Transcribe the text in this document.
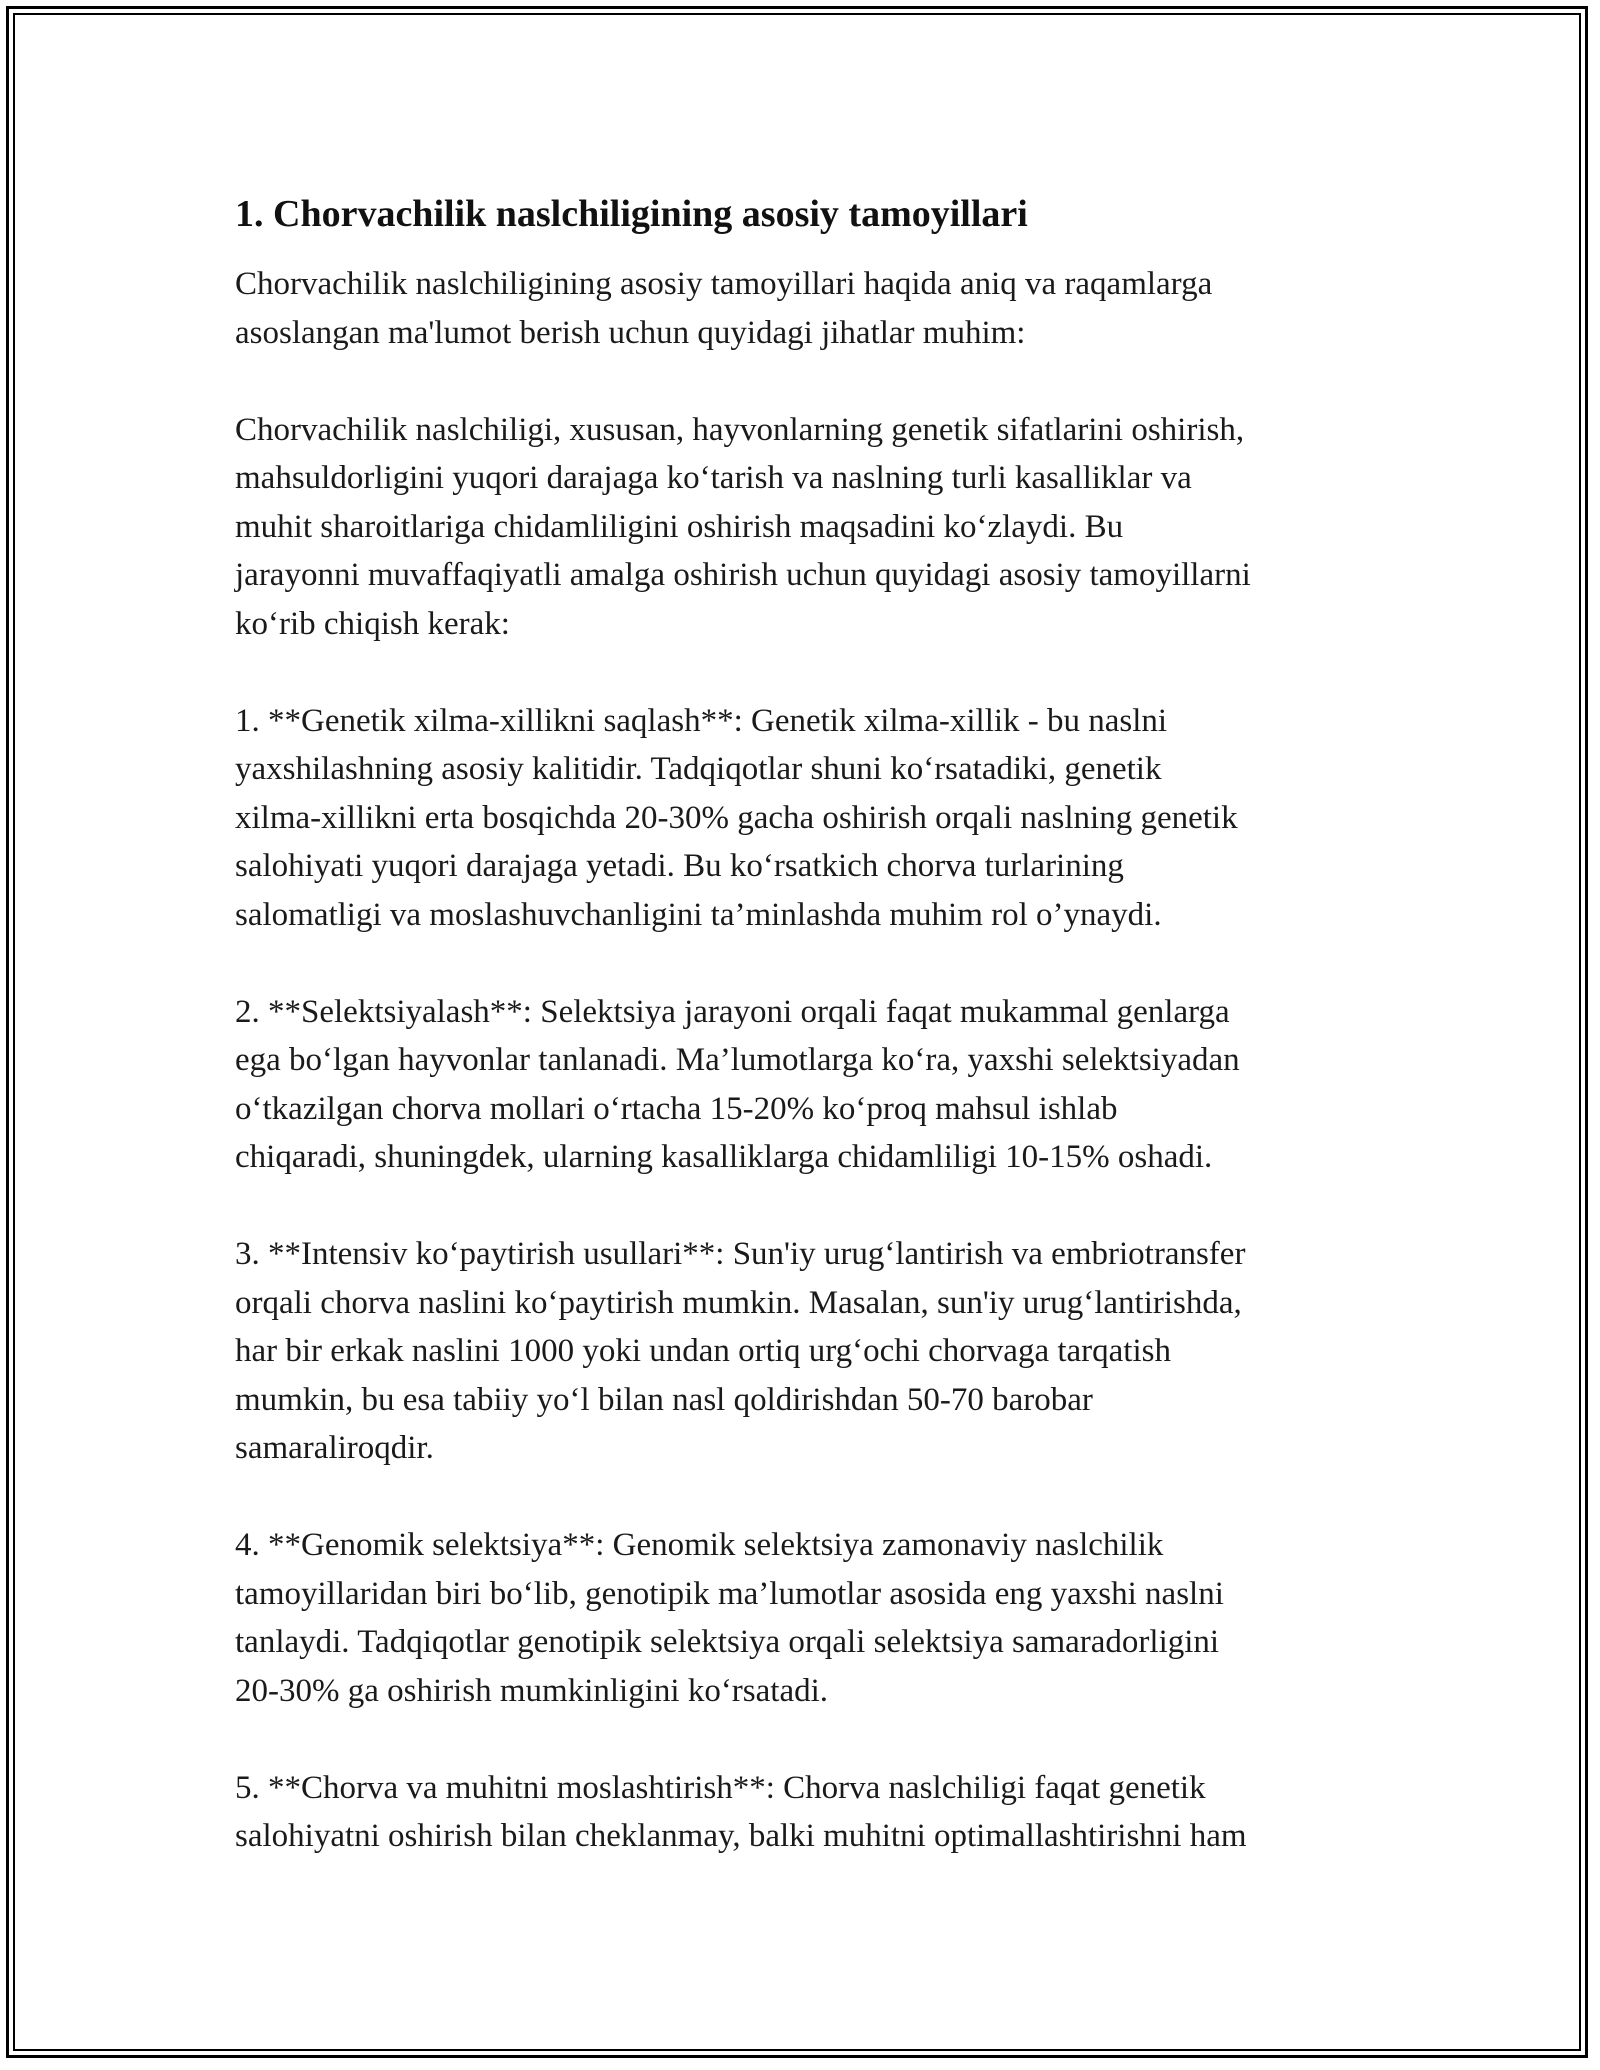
1. Chorvachilik naslchiligining asosiy tamoyillari

Chorvachilik naslchiligining asosiy tamoyillari haqida aniq va raqamlarga
asoslangan ma'lumot berish uchun quyidagi jihatlar muhim:

Chorvachilik naslchiligi, xususan, hayvonlarning genetik sifatlarini oshirish,
mahsuldorligini yuqori darajaga ko‘tarish va naslning turli kasalliklar va
muhit sharoitlariga chidamliligini oshirish maqsadini ko‘zlaydi. Bu
jarayonni muvaffaqiyatli amalga oshirish uchun quyidagi asosiy tamoyillarni
ko‘rib chiqish kerak:

1. **Genetik xilma-xillikni saqlash**: Genetik xilma-xillik - bu naslni
yaxshilashning asosiy kalitidir. Tadqiqotlar shuni ko‘rsatadiki, genetik
xilma-xillikni erta bosqichda 20-30% gacha oshirish orqali naslning genetik
salohiyati yuqori darajaga yetadi. Bu ko‘rsatkich chorva turlarining
salomatligi va moslashuvchanligini ta’minlashda muhim rol o’ynaydi.

2. **Selektsiyalash**: Selektsiya jarayoni orqali faqat mukammal genlarga
ega bo‘lgan hayvonlar tanlanadi. Ma’lumotlarga ko‘ra, yaxshi selektsiyadan
o‘tkazilgan chorva mollari o‘rtacha 15-20% ko‘proq mahsul ishlab
chiqaradi, shuningdek, ularning kasalliklarga chidamliligi 10-15% oshadi.

3. **Intensiv ko‘paytirish usullari**: Sun'iy urug‘lantirish va embriotransfer
orqali chorva naslini ko‘paytirish mumkin. Masalan, sun'iy urug‘lantirishda,
har bir erkak naslini 1000 yoki undan ortiq urg‘ochi chorvaga tarqatish
mumkin, bu esa tabiiy yo‘l bilan nasl qoldirishdan 50-70 barobar
samaraliroqdir.

4. **Genomik selektsiya**: Genomik selektsiya zamonaviy naslchilik
tamoyillaridan biri bo‘lib, genotipik ma’lumotlar asosida eng yaxshi naslni
tanlaydi. Tadqiqotlar genotipik selektsiya orqali selektsiya samaradorligini
20-30% ga oshirish mumkinligini ko‘rsatadi.

5. **Chorva va muhitni moslashtirish**: Chorva naslchiligi faqat genetik
salohiyatni oshirish bilan cheklanmay, balki muhitni optimallashtirishni ham
